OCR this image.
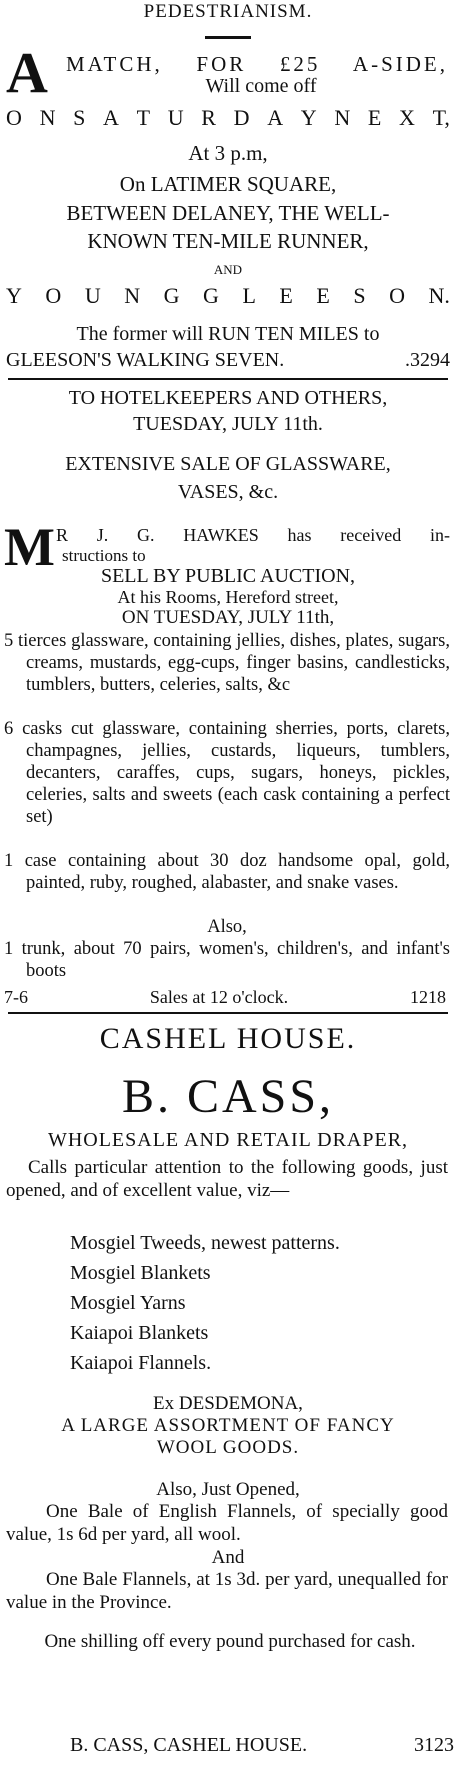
PEDESTRIANISM.
A MATCH, FOR £25 A-SIDE,
Will come off
O N S A T U R D A Y N E X T,
At 3 p.m,
On LATIMER SQUARE,
BETWEEN DELANEY, THE WELL-
KNOWN TEN-MILE RUNNER,
AND
Y O U N G G L E E S O N.
The former will RUN TEN MILES to
GLEESON'S WALKING SEVEN.	.3294
TO HOTELKEEPERS AND OTHERS,
TUESDAY, JULY 11th.
EXTENSIVE SALE OF GLASSWARE,
VASES, &c.
M R J. G. HAWKES has received in-
structions to
SELL BY PUBLIC AUCTION,
At his Rooms, Hereford street,
ON TUESDAY, JULY 11th,
5 tierces glassware, containing jellies, dishes, plates, sugars, creams, mustards, egg-cups, finger basins, candlesticks, tumblers, butters, celeries, salts, &c
6 casks cut glassware, containing sherries, ports, clarets, champagnes, jellies, custards, liqueurs, tumblers, decanters, caraffes, cups, sugars, honeys, pickles, celeries, salts and sweets (each cask containing a perfect set)
1 case containing about 30 doz handsome opal, gold, painted, ruby, roughed, alabaster, and snake vases.
Also,
1 trunk, about 70 pairs, women's, children's, and infant's boots
7-6	Sales at 12 o'clock.	1218
CASHEL HOUSE.
B. CASS,
WHOLESALE AND RETAIL DRAPER,
Calls particular attention to the following goods, just opened, and of excellent value, viz—
Mosgiel Tweeds, newest patterns.
Mosgiel Blankets
Mosgiel Yarns
Kaiapoi Blankets
Kaiapoi Flannels.
Ex DESDEMONA,
A LARGE ASSORTMENT OF FANCY
WOOL GOODS.
Also, Just Opened,
One Bale of English Flannels, of specially good value, 1s 6d per yard, all wool.
And
One Bale Flannels, at 1s 3d. per yard, unequalled for value in the Province.
One shilling off every pound purchased for cash.
B. CASS, CASHEL HOUSE.	3123
